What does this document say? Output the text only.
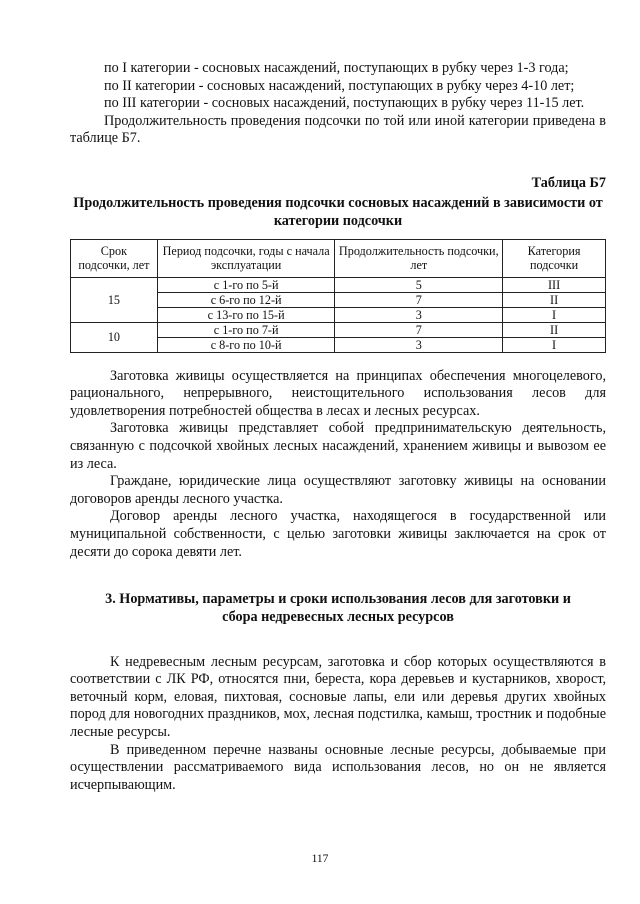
по I категории - сосновых насаждений, поступающих в рубку через 1-3 года;

по II категории - сосновых насаждений, поступающих в рубку через 4-10 лет;

по III категории - сосновых насаждений, поступающих в рубку через 11-15 лет.

Продолжительность проведения подсочки по той или иной категории приведена в таблице Б7.

Таблица Б7
Продолжительность проведения подсочки сосновых насаждений в зависимости от категории подсочки
Срок подсочки, лет	Период подсочки, годы с начала эксплуатации	Продолжительность подсочки, лет	Категория подсочки
15	с 1-го по 5-й	5	III
	с 6-го по 12-й	7	II
	с 13-го по 15-й	3	I
10	с 1-го по 7-й	7	II
	с 8-го по 10-й	3	I

Заготовка живицы осуществляется на принципах обеспечения многоцелевого, рационального, непрерывного, неистощительного использования лесов для удовлетворения потребностей общества в лесах и лесных ресурсах.

Заготовка живицы представляет собой предпринимательскую деятельность, связанную с подсочкой хвойных лесных насаждений, хранением живицы и вывозом ее из леса.

Граждане, юридические лица осуществляют заготовку живицы на основании договоров аренды лесного участка.

Договор аренды лесного участка, находящегося в государственной или муниципальной собственности, с целью заготовки живицы заключается на срок от десяти до сорока девяти лет.

3. Нормативы, параметры и сроки использования лесов для заготовки и сбора недревесных лесных ресурсов

К недревесным лесным ресурсам, заготовка и сбор которых осуществляются в соответствии с ЛК РФ, относятся пни, береста, кора деревьев и кустарников, хворост, веточный корм, еловая, пихтовая, сосновые лапы, ели или деревья других хвойных пород для новогодних праздников, мох, лесная подстилка, камыш, тростник и подобные лесные ресурсы.

В приведенном перечне названы основные лесные ресурсы, добываемые при осуществлении рассматриваемого вида использования лесов, но он не является исчерпывающим.

117
